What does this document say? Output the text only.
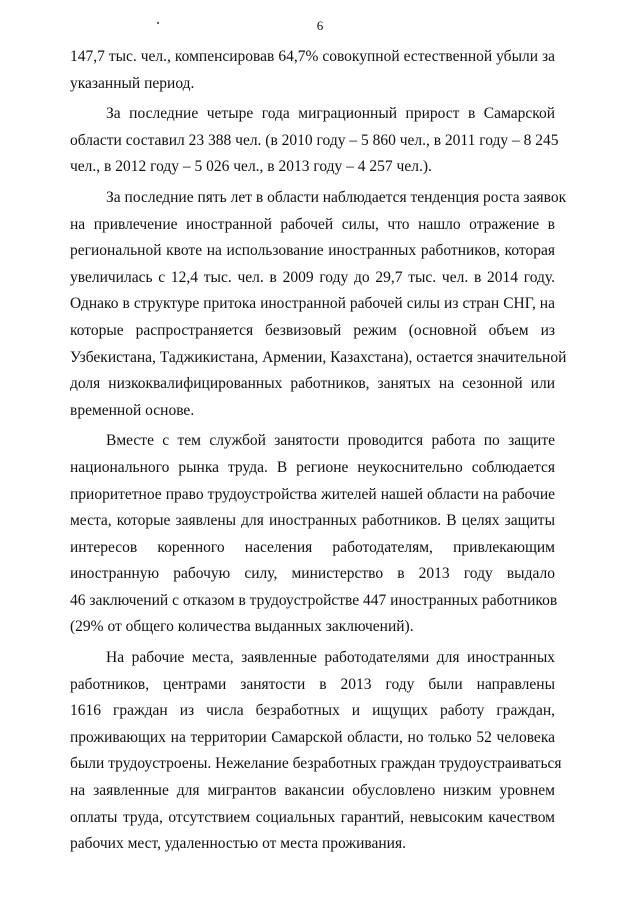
6
147,7 тыс. чел., компенсировав 64,7% совокупной естественной убыли за
указанный период.
За последние четыре года миграционный прирост в Самарской
области составил 23 388 чел. (в 2010 году – 5 860 чел., в 2011 году – 8 245
чел., в 2012 году – 5 026 чел., в 2013 году – 4 257 чел.).
За последние пять лет в области наблюдается тенденция роста заявок
на привлечение иностранной рабочей силы, что нашло отражение в
региональной квоте на использование иностранных работников, которая
увеличилась с 12,4 тыс. чел. в 2009 году до 29,7 тыс. чел. в 2014 году.
Однако в структуре притока иностранной рабочей силы из стран СНГ, на
которые распространяется безвизовый режим (основной объем из
Узбекистана, Таджикистана, Армении, Казахстана), остается значительной
доля низкоквалифицированных работников, занятых на сезонной или
временной основе.
Вместе с тем службой занятости проводится работа по защите
национального рынка труда. В регионе неукоснительно соблюдается
приоритетное право трудоустройства жителей нашей области на рабочие
места, которые заявлены для иностранных работников. В целях защиты
интересов коренного населения работодателям, привлекающим
иностранную рабочую силу, министерство в 2013 году выдало
46 заключений с отказом в трудоустройстве 447 иностранных работников
(29% от общего количества выданных заключений).
На рабочие места, заявленные работодателями для иностранных
работников, центрами занятости в 2013 году были направлены
1616 граждан из числа безработных и ищущих работу граждан,
проживающих на территории Самарской области, но только 52 человека
были трудоустроены. Нежелание безработных граждан трудоустраиваться
на заявленные для мигрантов вакансии обусловлено низким уровнем
оплаты труда, отсутствием социальных гарантий, невысоким качеством
рабочих мест, удаленностью от места проживания.
